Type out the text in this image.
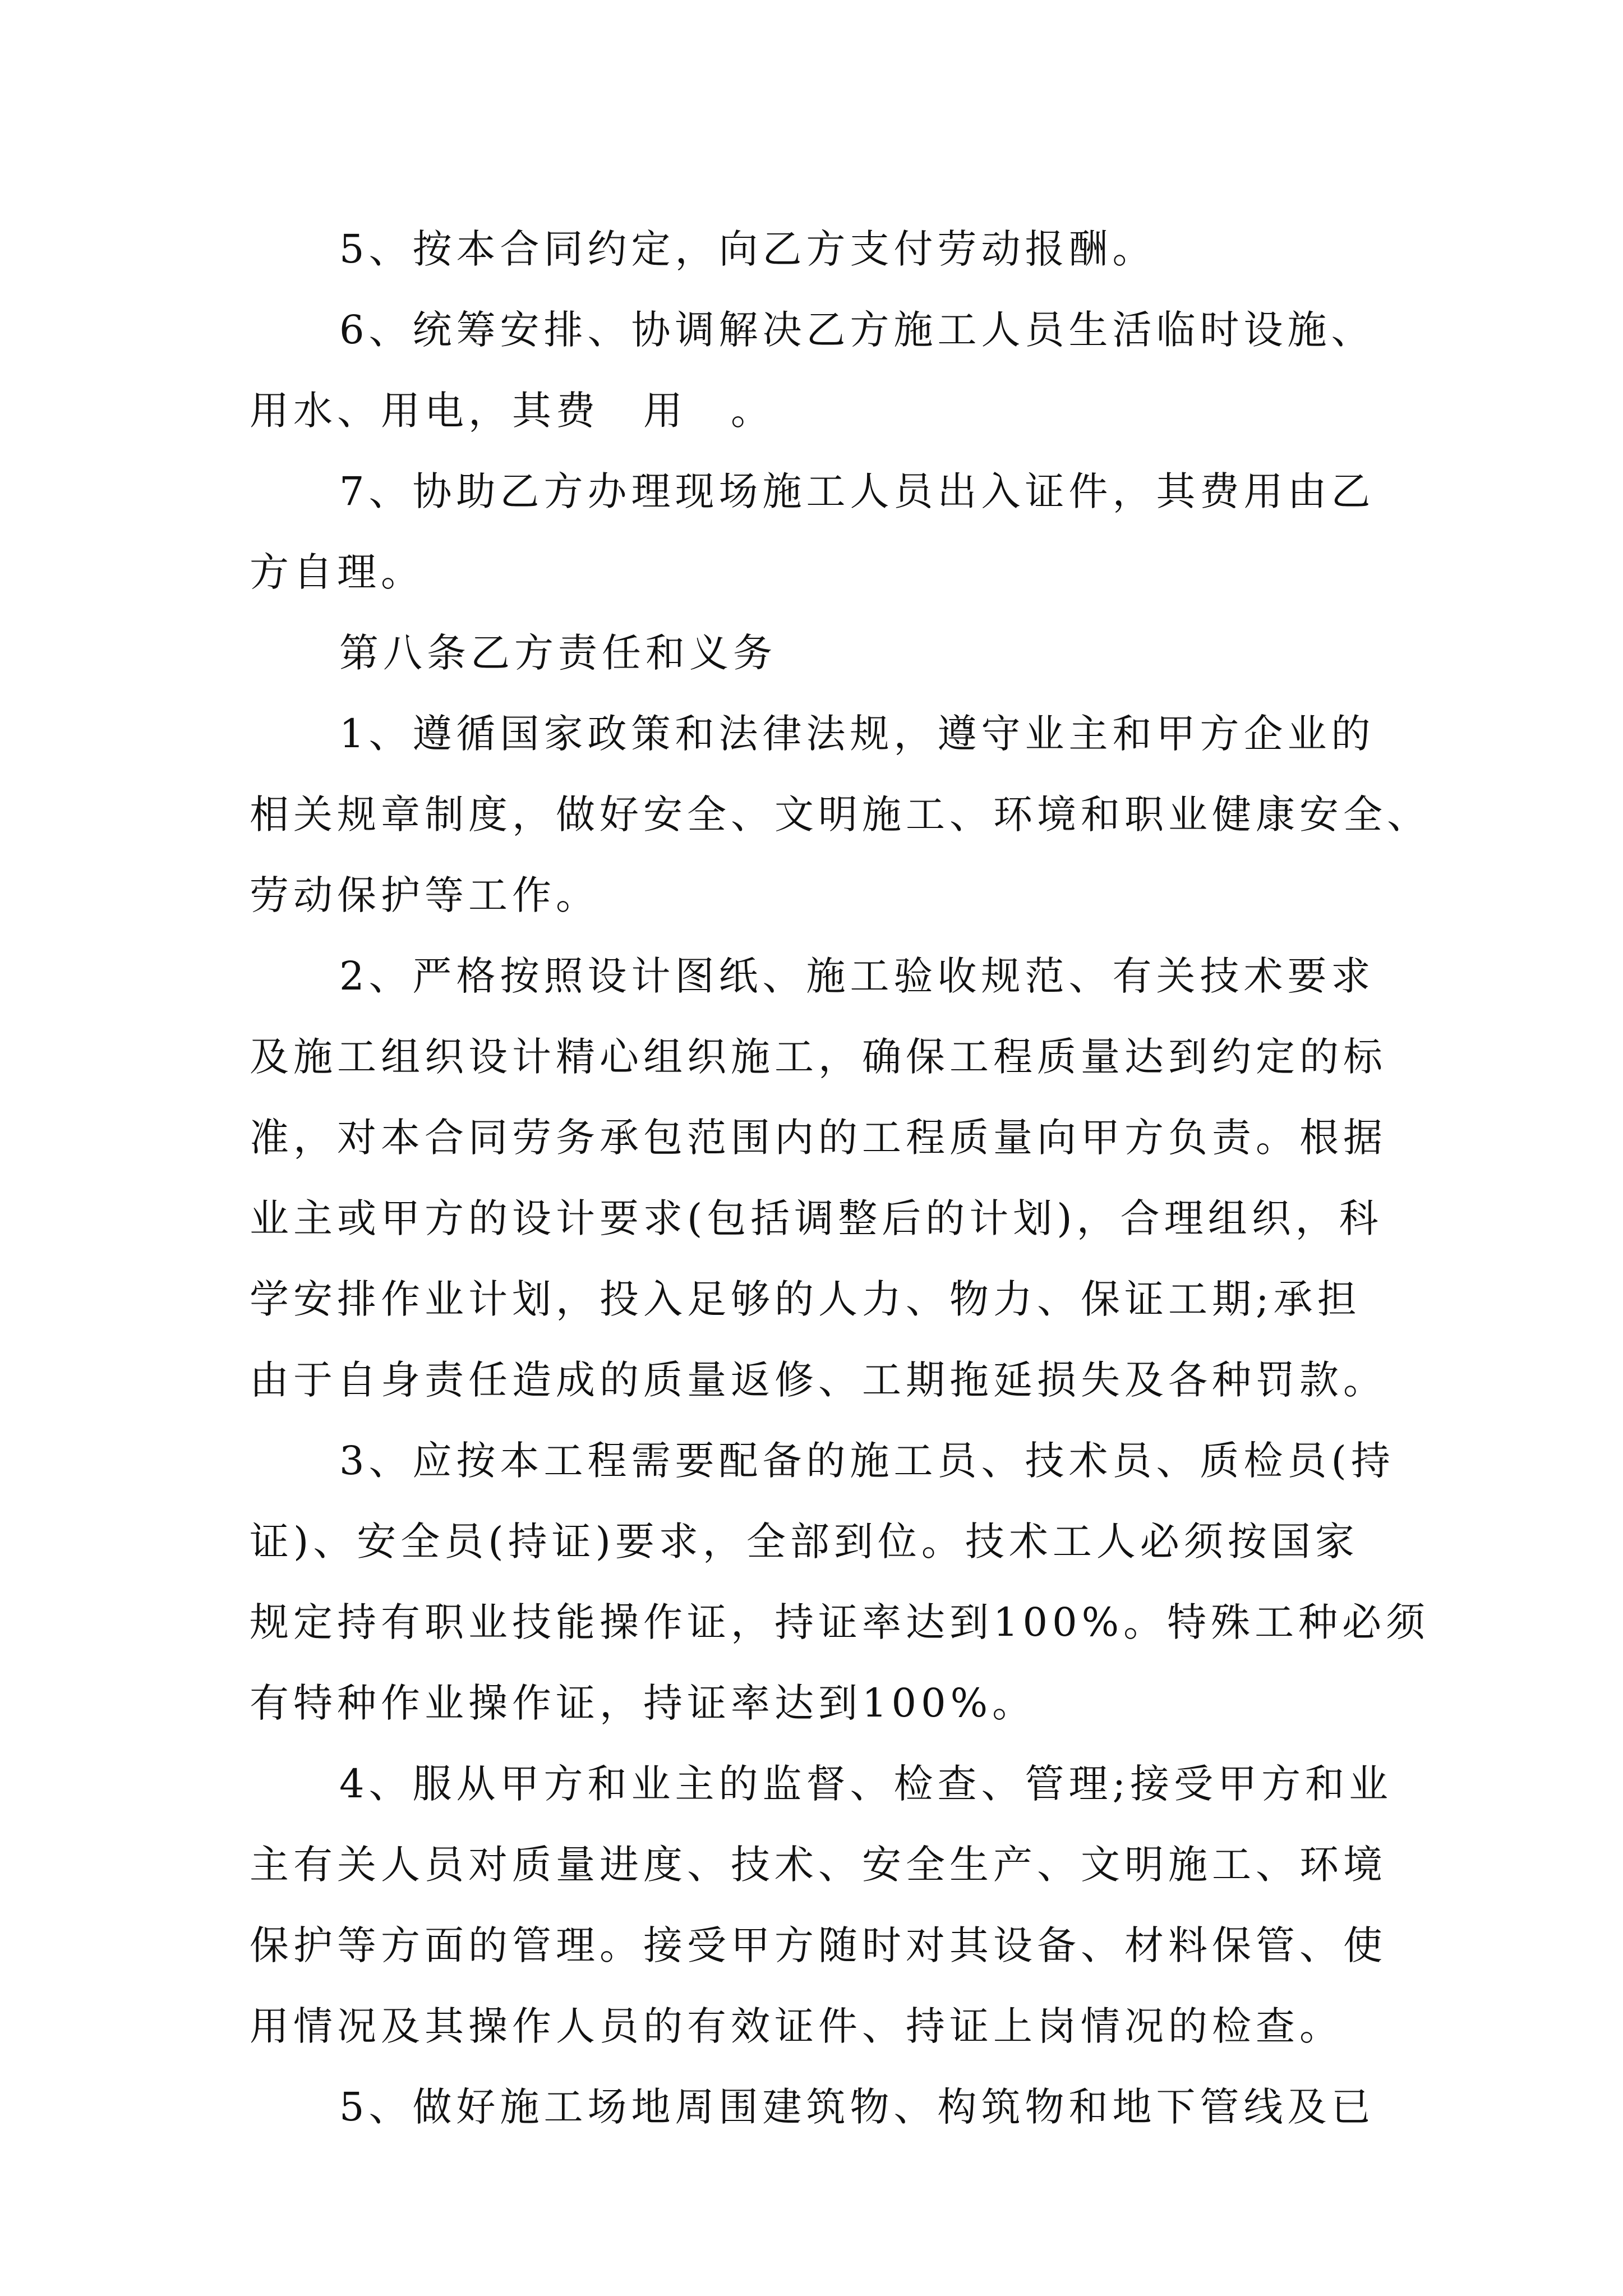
5、按本合同约定，向乙方支付劳动报酬。
6、统筹安排、协调解决乙方施工人员生活临时设施、
用水、用电，其费　用　。
7、协助乙方办理现场施工人员出入证件，其费用由乙
方自理。
第八条乙方责任和义务
1、遵循国家政策和法律法规，遵守业主和甲方企业的
相关规章制度，做好安全、文明施工、环境和职业健康安全、
劳动保护等工作。
2、严格按照设计图纸、施工验收规范、有关技术要求
及施工组织设计精心组织施工，确保工程质量达到约定的标
准，对本合同劳务承包范围内的工程质量向甲方负责。根据
业主或甲方的设计要求(包括调整后的计划)，合理组织，科
学安排作业计划，投入足够的人力、物力、保证工期;承担
由于自身责任造成的质量返修、工期拖延损失及各种罚款。
3、应按本工程需要配备的施工员、技术员、质检员(持
证)、安全员(持证)要求，全部到位。技术工人必须按国家
规定持有职业技能操作证，持证率达到100%。特殊工种必须
有特种作业操作证，持证率达到100%。
4、服从甲方和业主的监督、检查、管理;接受甲方和业
主有关人员对质量进度、技术、安全生产、文明施工、环境
保护等方面的管理。接受甲方随时对其设备、材料保管、使
用情况及其操作人员的有效证件、持证上岗情况的检查。
5、做好施工场地周围建筑物、构筑物和地下管线及已
